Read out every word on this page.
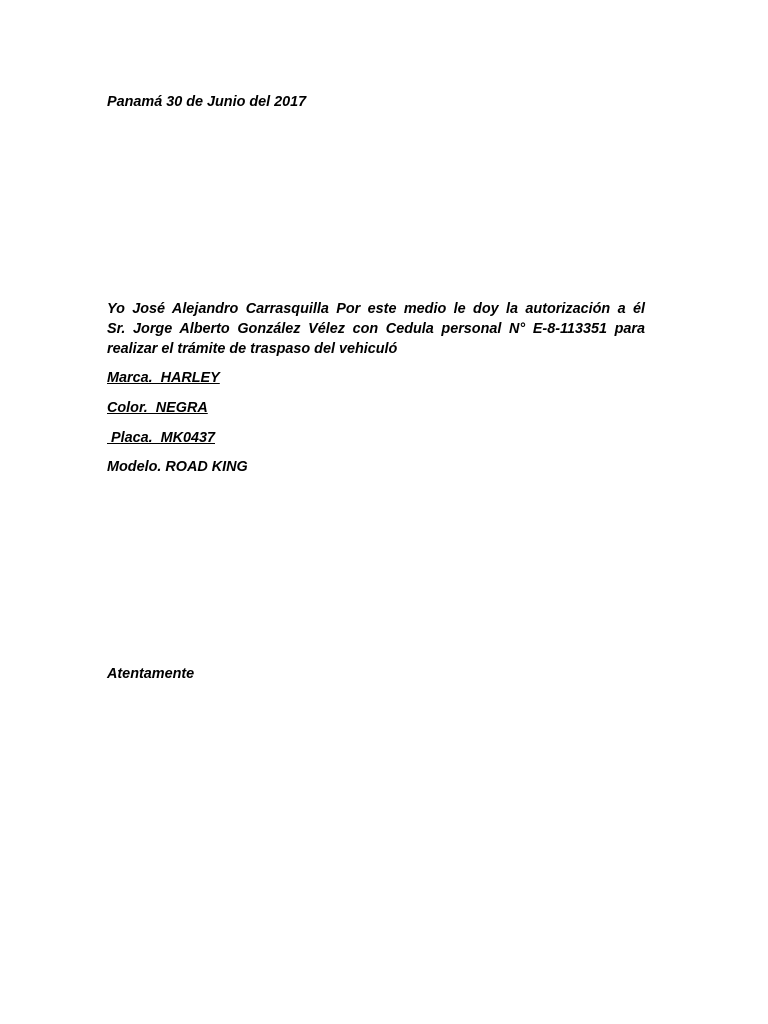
Panamá 30 de Junio del 2017
Yo José Alejandro Carrasquilla Por este medio le doy la autorización a él
Sr. Jorge Alberto González Vélez con Cedula personal N° E-8-113351 para
realizar el trámite de traspaso del vehiculó
Marca.  HARLEY
Color.  NEGRA
Placa.  MK0437
Modelo. ROAD KING
Atentamente
